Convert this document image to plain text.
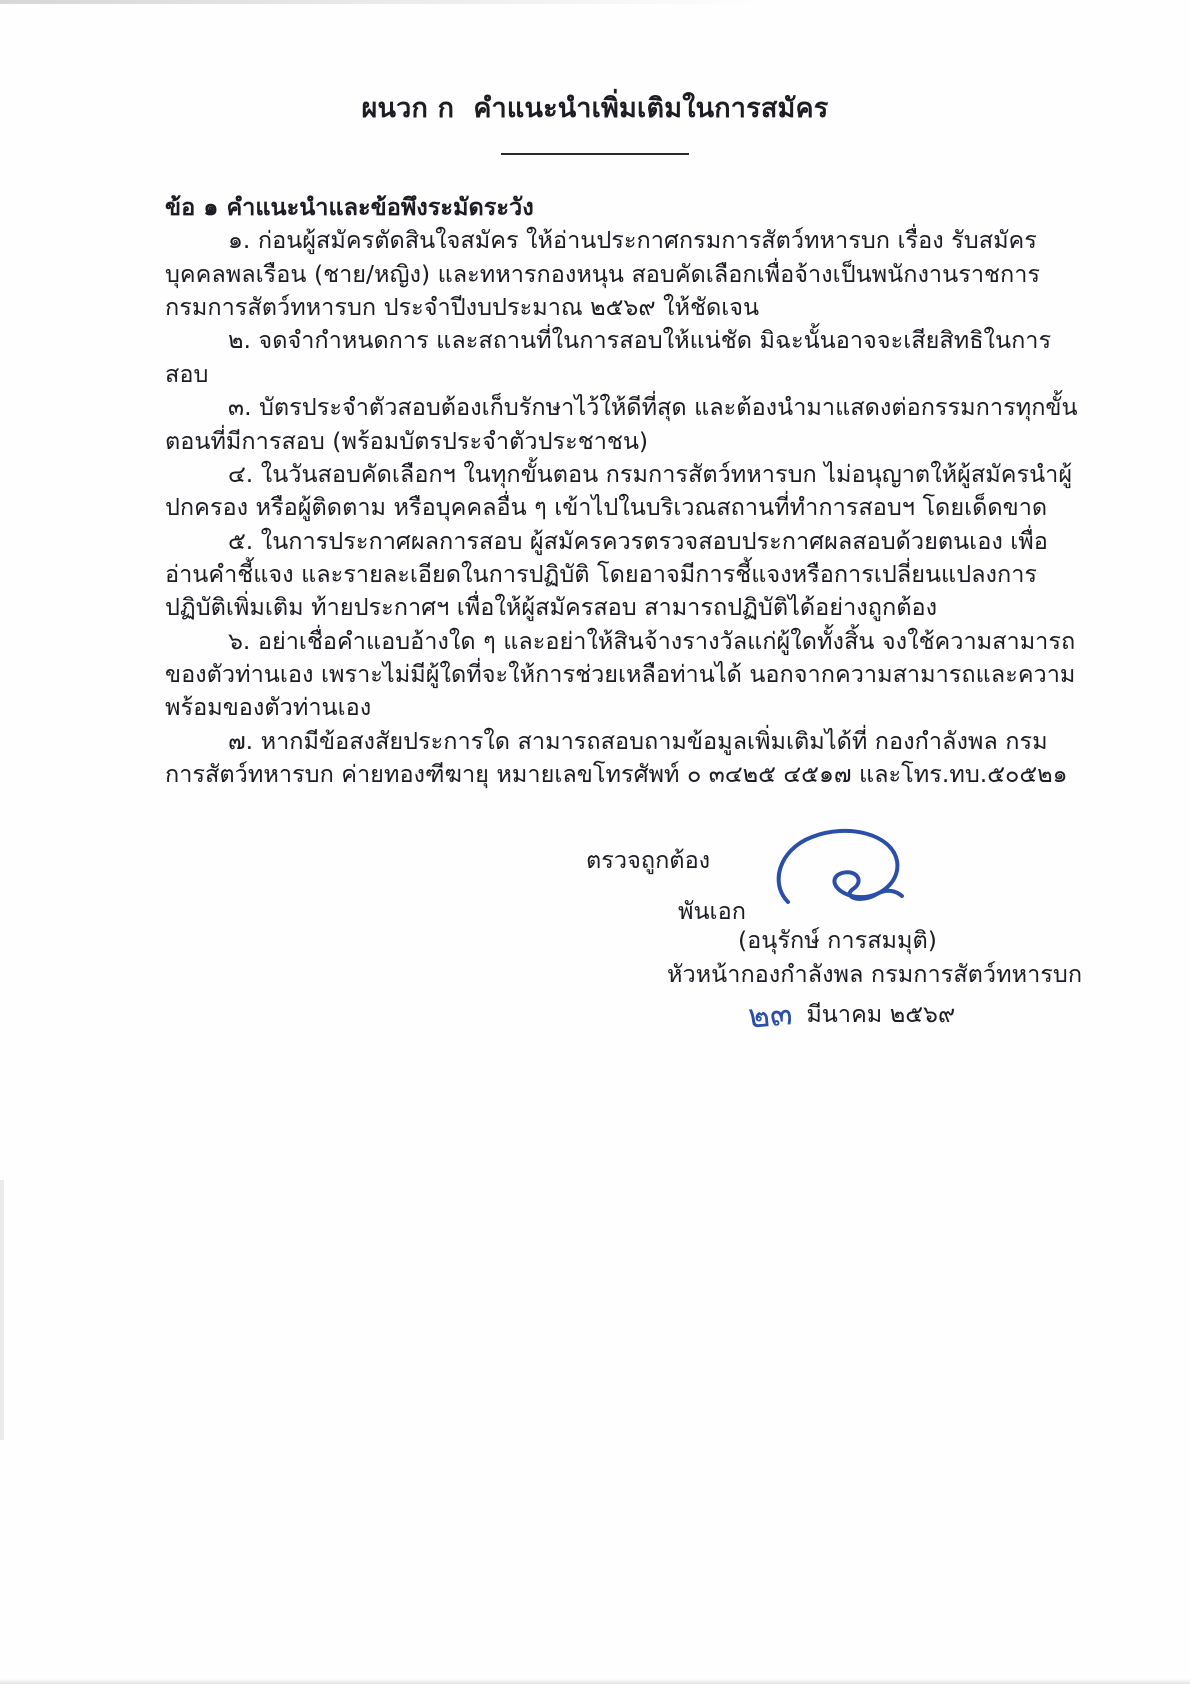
ผนวก ก  คำแนะนำเพิ่มเติมในการสมัคร
ข้อ ๑ คำแนะนำและข้อพึงระมัดระวัง

๑. ก่อนผู้สมัครตัดสินใจสมัคร ให้อ่านประกาศกรมการสัตว์ทหารบก เรื่อง รับสมัครบุคคลพลเรือน (ชาย/หญิง) และทหารกองหนุน สอบคัดเลือกเพื่อจ้างเป็นพนักงานราชการ กรมการสัตว์ทหารบก ประจำปีงบประมาณ ๒๕๖๙ ให้ชัดเจน

๒. จดจำกำหนดการ และสถานที่ในการสอบให้แน่ชัด มิฉะนั้นอาจจะเสียสิทธิในการสอบ

๓. บัตรประจำตัวสอบต้องเก็บรักษาไว้ให้ดีที่สุด และต้องนำมาแสดงต่อกรรมการทุกขั้นตอนที่มีการสอบ (พร้อมบัตรประจำตัวประชาชน)

๔. ในวันสอบคัดเลือกฯ ในทุกขั้นตอน กรมการสัตว์ทหารบก ไม่อนุญาตให้ผู้สมัครนำผู้ปกครอง หรือผู้ติดตาม หรือบุคคลอื่น ๆ เข้าไปในบริเวณสถานที่ทำการสอบฯ โดยเด็ดขาด

๕. ในการประกาศผลการสอบ ผู้สมัครควรตรวจสอบประกาศผลสอบด้วยตนเอง เพื่ออ่านคำชี้แจง และรายละเอียดในการปฏิบัติ โดยอาจมีการชี้แจงหรือการเปลี่ยนแปลงการปฏิบัติเพิ่มเติม ท้ายประกาศฯ เพื่อให้ผู้สมัครสอบ สามารถปฏิบัติได้อย่างถูกต้อง

๖. อย่าเชื่อคำแอบอ้างใด ๆ และอย่าให้สินจ้างรางวัลแก่ผู้ใดทั้งสิ้น จงใช้ความสามารถของตัวท่านเอง เพราะไม่มีผู้ใดที่จะให้การช่วยเหลือท่านได้ นอกจากความสามารถและความพร้อมของตัวท่านเอง

๗. หากมีข้อสงสัยประการใด สามารถสอบถามข้อมูลเพิ่มเติมได้ที่ กองกำลังพล กรมการสัตว์ทหารบก ค่ายทองฑีฆายุ หมายเลขโทรศัพท์ ๐ ๓๔๒๕ ๔๕๑๗ และโทร.ทบ.๕๐๕๒๑

ตรวจถูกต้อง
พันเอก
(อนุรักษ์ การสมมุติ)
หัวหน้ากองกำลังพล กรมการสัตว์ทหารบก
๒๓ มีนาคม ๒๕๖๙
